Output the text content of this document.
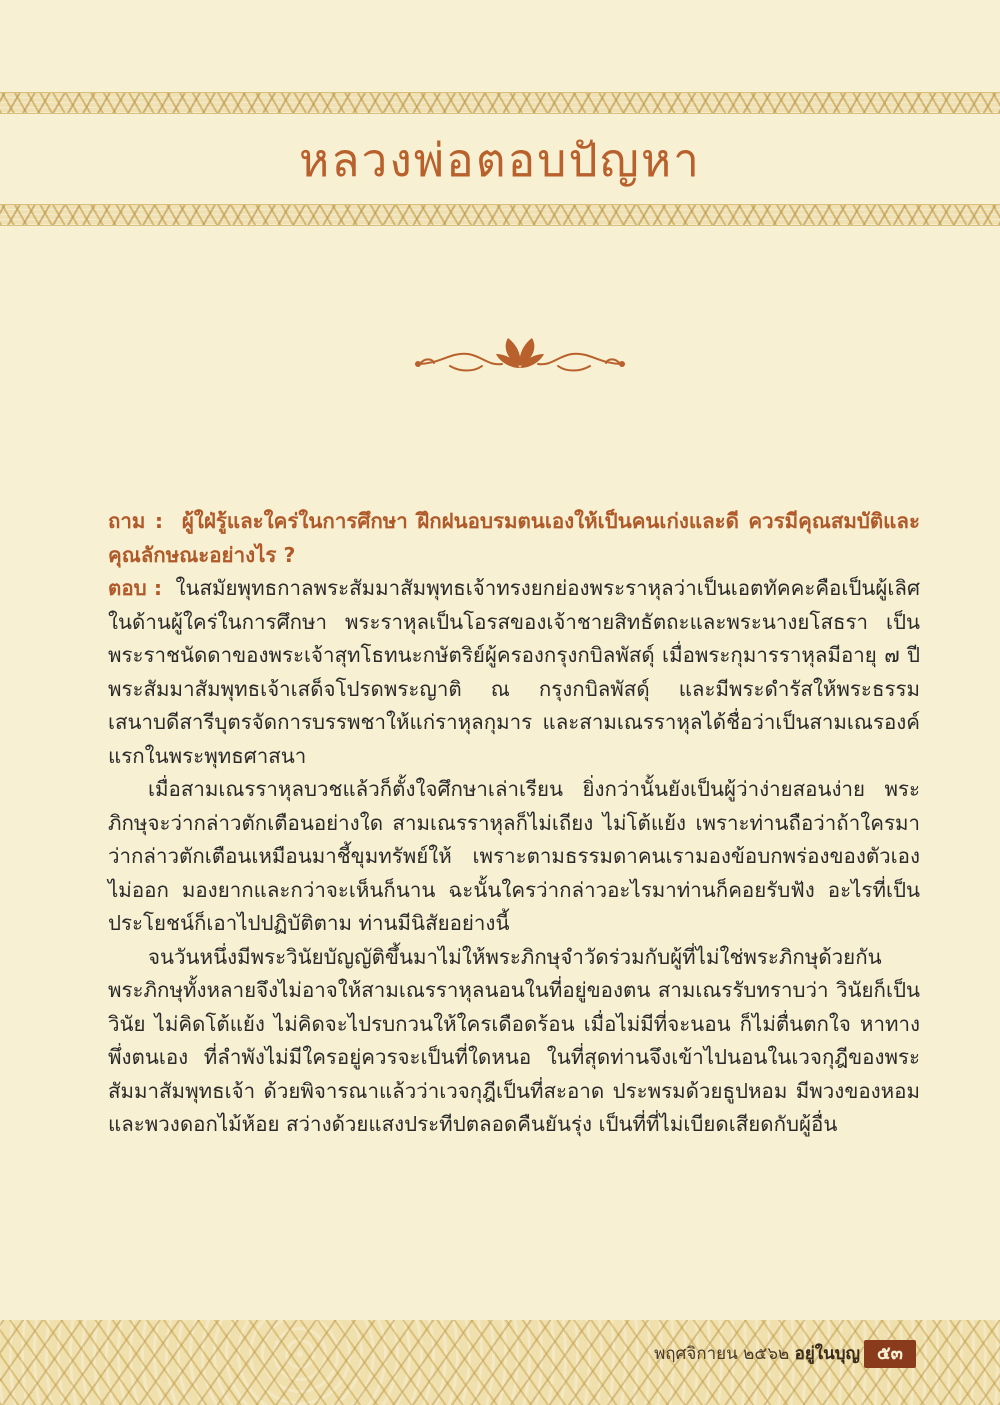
หลวงพ่อตอบปัญหา

ถาม : ผู้ใฝ่รู้และใคร่ในการศึกษา ฝึกฝนอบรมตนเองให้เป็นคนเก่งและดี ควรมีคุณสมบัติและคุณลักษณะอย่างไร ?

ตอบ : ในสมัยพุทธกาลพระสัมมาสัมพุทธเจ้าทรงยกย่องพระราหุลว่าเป็นเอตทัคคะคือเป็นผู้เลิศในด้านผู้ใคร่ในการศึกษา พระราหุลเป็นโอรสของเจ้าชายสิทธัตถะและพระนางยโสธรา เป็นพระราชนัดดาของพระเจ้าสุทโธทนะกษัตริย์ผู้ครองกรุงกบิลพัสดุ์ เมื่อพระกุมารราหุลมีอายุ ๗ ปี พระสัมมาสัมพุทธเจ้าเสด็จโปรดพระญาติ ณ กรุงกบิลพัสดุ์ และมีพระดำรัสให้พระธรรมเสนาบดีสารีบุตรจัดการบรรพชาให้แก่ราหุลกุมาร และสามเณรราหุลได้ชื่อว่าเป็นสามเณรองค์แรกในพระพุทธศาสนา

เมื่อสามเณรราหุลบวชแล้วก็ตั้งใจศึกษาเล่าเรียน ยิ่งกว่านั้นยังเป็นผู้ว่าง่ายสอนง่าย พระภิกษุจะว่ากล่าวตักเตือนอย่างใด สามเณรราหุลก็ไม่เถียง ไม่โต้แย้ง เพราะท่านถือว่าถ้าใครมาว่ากล่าวตักเตือนเหมือนมาชี้ขุมทรัพย์ให้ เพราะตามธรรมดาคนเรามองข้อบกพร่องของตัวเองไม่ออก มองยากและกว่าจะเห็นก็นาน ฉะนั้นใครว่ากล่าวอะไรมาท่านก็คอยรับฟัง อะไรที่เป็นประโยชน์ก็เอาไปปฏิบัติตาม ท่านมีนิสัยอย่างนี้

จนวันหนึ่งมีพระวินัยบัญญัติขึ้นมาไม่ให้พระภิกษุจำวัดร่วมกับผู้ที่ไม่ใช่พระภิกษุด้วยกัน พระภิกษุทั้งหลายจึงไม่อาจให้สามเณรราหุลนอนในที่อยู่ของตน สามเณรรับทราบว่า วินัยก็เป็นวินัย ไม่คิดโต้แย้ง ไม่คิดจะไปรบกวนให้ใครเดือดร้อน เมื่อไม่มีที่จะนอน ก็ไม่ตื่นตกใจ หาทางพึ่งตนเอง ที่ลำพังไม่มีใครอยู่ควรจะเป็นที่ใดหนอ ในที่สุดท่านจึงเข้าไปนอนในเวจกุฎีของพระสัมมาสัมพุทธเจ้า ด้วยพิจารณาแล้วว่าเวจกุฎีเป็นที่สะอาด ประพรมด้วยธูปหอม มีพวงของหอมและพวงดอกไม้ห้อย สว่างด้วยแสงประทีปตลอดคืนยันรุ่ง เป็นที่ที่ไม่เบียดเสียดกับผู้อื่น

พฤศจิกายน ๒๕๖๒ อยู่ในบุญ ๕๓
